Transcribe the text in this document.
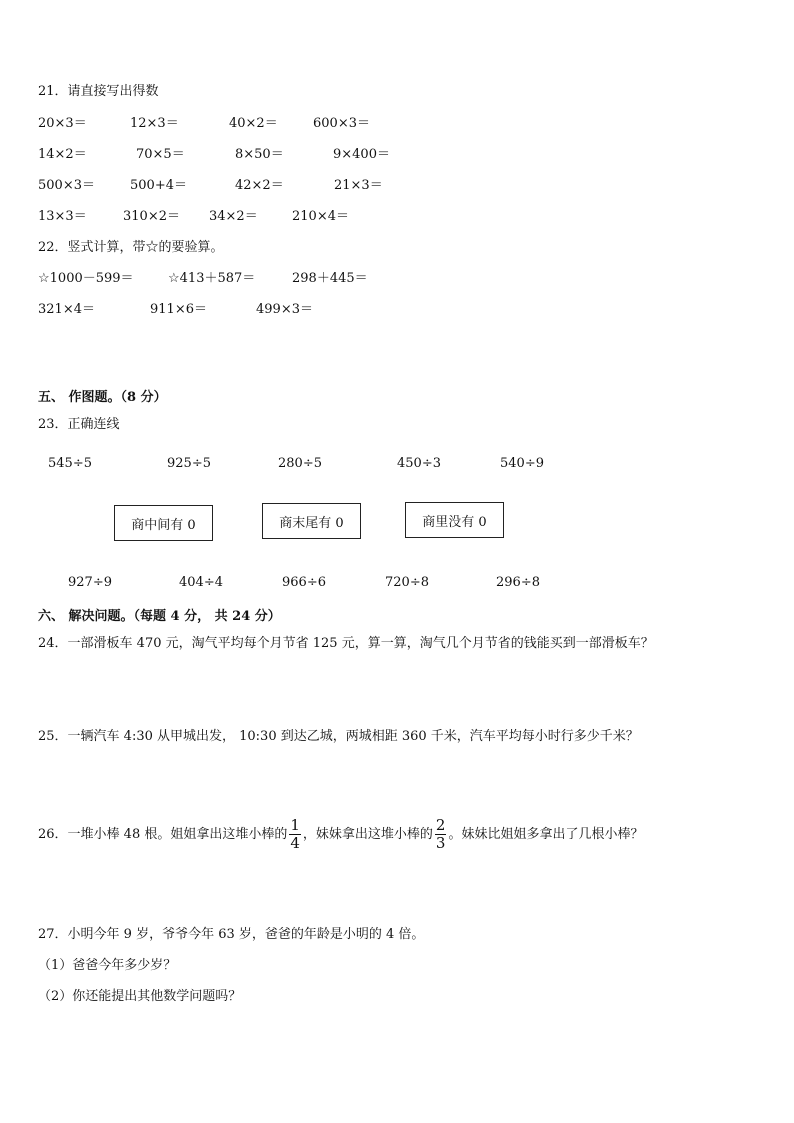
21．请直接写出得数
20×3＝	12×3＝	40×2＝	600×3＝
14×2＝	70×5＝	8×50＝	9×400＝
500×3＝	500+4＝	42×2＝	21×3＝
13×3＝	310×2＝ 34×2＝	210×4＝
22．竖式计算，带☆的要验算。
☆1000－599＝	☆413＋587＝	298＋445＝
321×4＝	911×6＝	499×3＝
五、 作图题。（8 分）
23．正确连线
545÷5	925÷5	280÷5	450÷3	540÷9
商中间有 0	商末尾有 0	商里没有 0
927÷9	404÷4	966÷6	720÷8	296÷8
六、 解决问题。（每题 4 分， 共 24 分）
24．一部滑板车 470 元，淘气平均每个月节省 125 元，算一算，淘气几个月节省的钱能买到一部滑板车？
25．一辆汽车 4:30 从甲城出发， 10:30 到达乙城，两城相距 360 千米，汽车平均每小时行多少千米？
26．一堆小棒 48 根。姐姐拿出这堆小棒的 $\frac{1}{4}$ ，妹妹拿出这堆小棒的 $\frac{2}{3}$ 。妹妹比姐姐多拿出了几根小棒？
27．小明今年 9 岁，爷爷今年 63 岁，爸爸的年龄是小明的 4 倍。
（1）爸爸今年多少岁？
（2）你还能提出其他数学问题吗？
